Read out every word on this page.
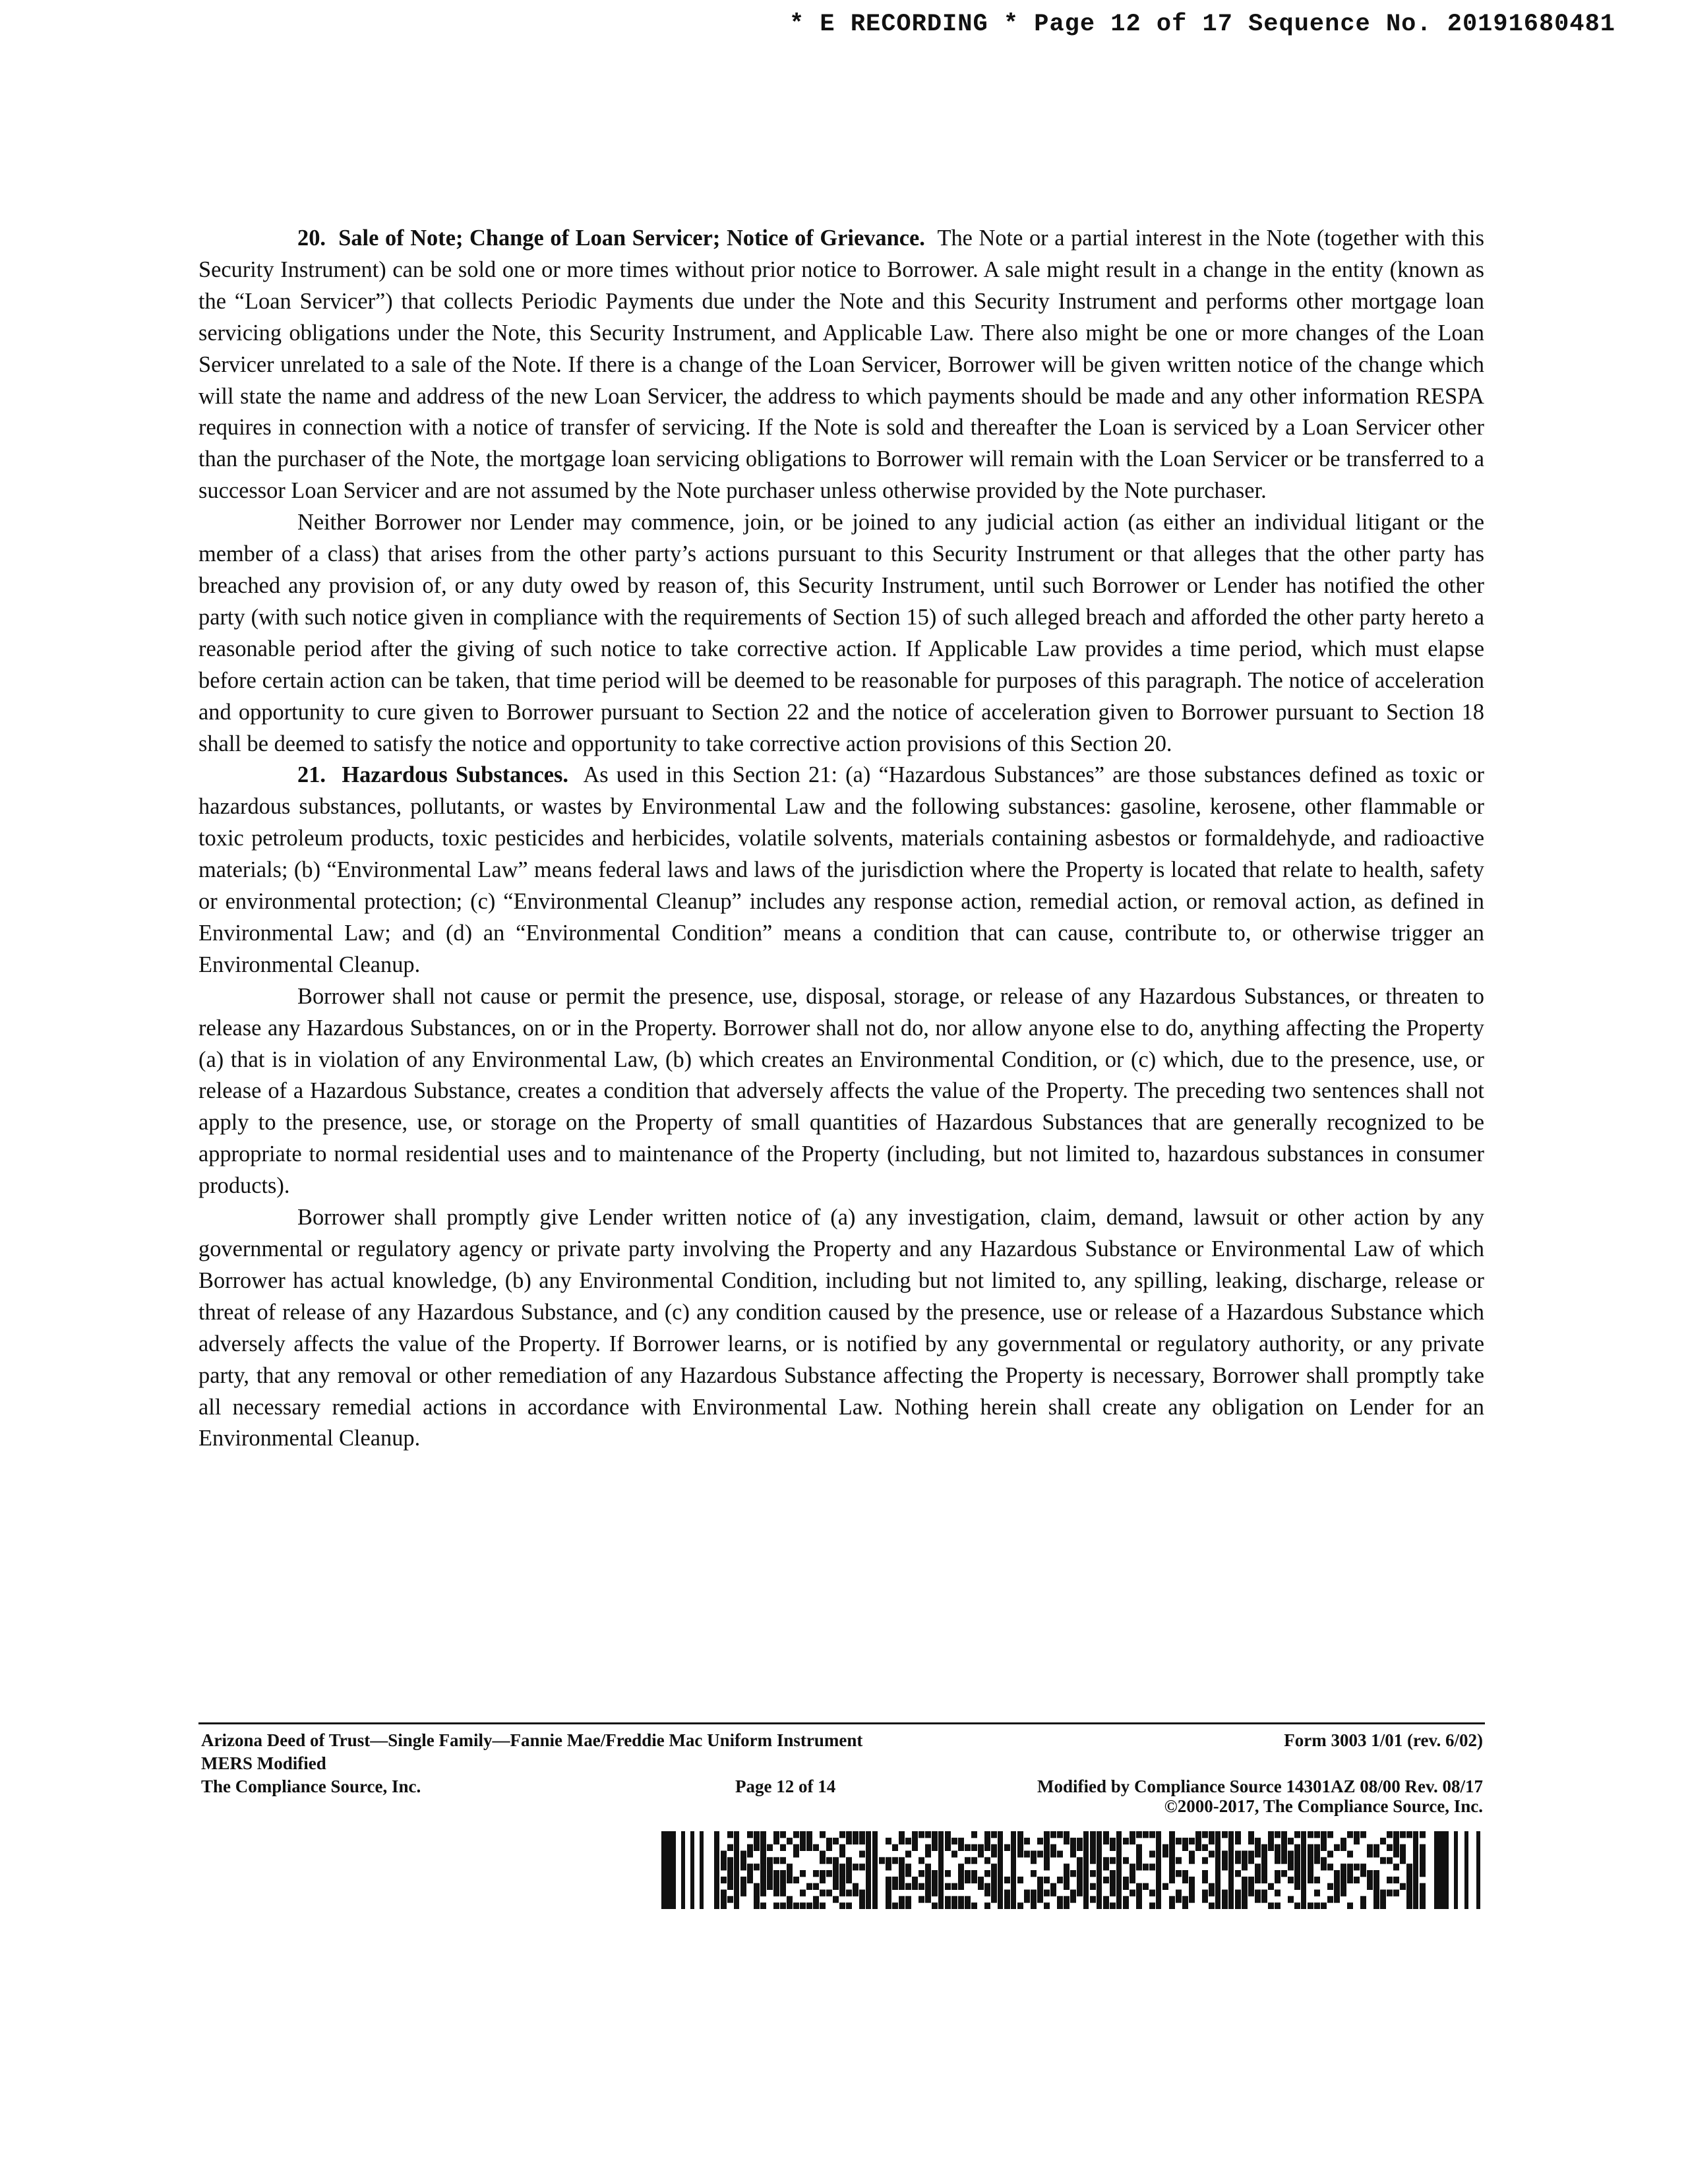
* E RECORDING * Page 12 of 17 Sequence No. 20191680481

20. Sale of Note; Change of Loan Servicer; Notice of Grievance. The Note or a partial interest in the Note (together with this Security Instrument) can be sold one or more times without prior notice to Borrower. A sale might result in a change in the entity (known as the “Loan Servicer”) that collects Periodic Payments due under the Note and this Security Instrument and performs other mortgage loan servicing obligations under the Note, this Security Instrument, and Applicable Law. There also might be one or more changes of the Loan Servicer unrelated to a sale of the Note. If there is a change of the Loan Servicer, Borrower will be given written notice of the change which will state the name and address of the new Loan Servicer, the address to which payments should be made and any other information RESPA requires in connection with a notice of transfer of servicing. If the Note is sold and thereafter the Loan is serviced by a Loan Servicer other than the purchaser of the Note, the mortgage loan servicing obligations to Borrower will remain with the Loan Servicer or be transferred to a successor Loan Servicer and are not assumed by the Note purchaser unless otherwise provided by the Note purchaser.

Neither Borrower nor Lender may commence, join, or be joined to any judicial action (as either an individual litigant or the member of a class) that arises from the other party’s actions pursuant to this Security Instrument or that alleges that the other party has breached any provision of, or any duty owed by reason of, this Security Instrument, until such Borrower or Lender has notified the other party (with such notice given in compliance with the requirements of Section 15) of such alleged breach and afforded the other party hereto a reasonable period after the giving of such notice to take corrective action. If Applicable Law provides a time period, which must elapse before certain action can be taken, that time period will be deemed to be reasonable for purposes of this paragraph. The notice of acceleration and opportunity to cure given to Borrower pursuant to Section 22 and the notice of acceleration given to Borrower pursuant to Section 18 shall be deemed to satisfy the notice and opportunity to take corrective action provisions of this Section 20.

21. Hazardous Substances. As used in this Section 21: (a) “Hazardous Substances” are those substances defined as toxic or hazardous substances, pollutants, or wastes by Environmental Law and the following substances: gasoline, kerosene, other flammable or toxic petroleum products, toxic pesticides and herbicides, volatile solvents, materials containing asbestos or formaldehyde, and radioactive materials; (b) “Environmental Law” means federal laws and laws of the jurisdiction where the Property is located that relate to health, safety or environmental protection; (c) “Environmental Cleanup” includes any response action, remedial action, or removal action, as defined in Environmental Law; and (d) an “Environmental Condition” means a condition that can cause, contribute to, or otherwise trigger an Environmental Cleanup.

Borrower shall not cause or permit the presence, use, disposal, storage, or release of any Hazardous Substances, or threaten to release any Hazardous Substances, on or in the Property. Borrower shall not do, nor allow anyone else to do, anything affecting the Property (a) that is in violation of any Environmental Law, (b) which creates an Environmental Condition, or (c) which, due to the presence, use, or release of a Hazardous Substance, creates a condition that adversely affects the value of the Property. The preceding two sentences shall not apply to the presence, use, or storage on the Property of small quantities of Hazardous Substances that are generally recognized to be appropriate to normal residential uses and to maintenance of the Property (including, but not limited to, hazardous substances in consumer products).

Borrower shall promptly give Lender written notice of (a) any investigation, claim, demand, lawsuit or other action by any governmental or regulatory agency or private party involving the Property and any Hazardous Substance or Environmental Law of which Borrower has actual knowledge, (b) any Environmental Condition, including but not limited to, any spilling, leaking, discharge, release or threat of release of any Hazardous Substance, and (c) any condition caused by the presence, use or release of a Hazardous Substance which adversely affects the value of the Property. If Borrower learns, or is notified by any governmental or regulatory authority, or any private party, that any removal or other remediation of any Hazardous Substance affecting the Property is necessary, Borrower shall promptly take all necessary remedial actions in accordance with Environmental Law. Nothing herein shall create any obligation on Lender for an Environmental Cleanup.

Arizona Deed of Trust—Single Family—Fannie Mae/Freddie Mac Uniform Instrument	Form 3003 1/01 (rev. 6/02)
MERS Modified
The Compliance Source, Inc.	Page 12 of 14	Modified by Compliance Source 14301AZ 08/00 Rev. 08/17
©2000-2017, The Compliance Source, Inc.
